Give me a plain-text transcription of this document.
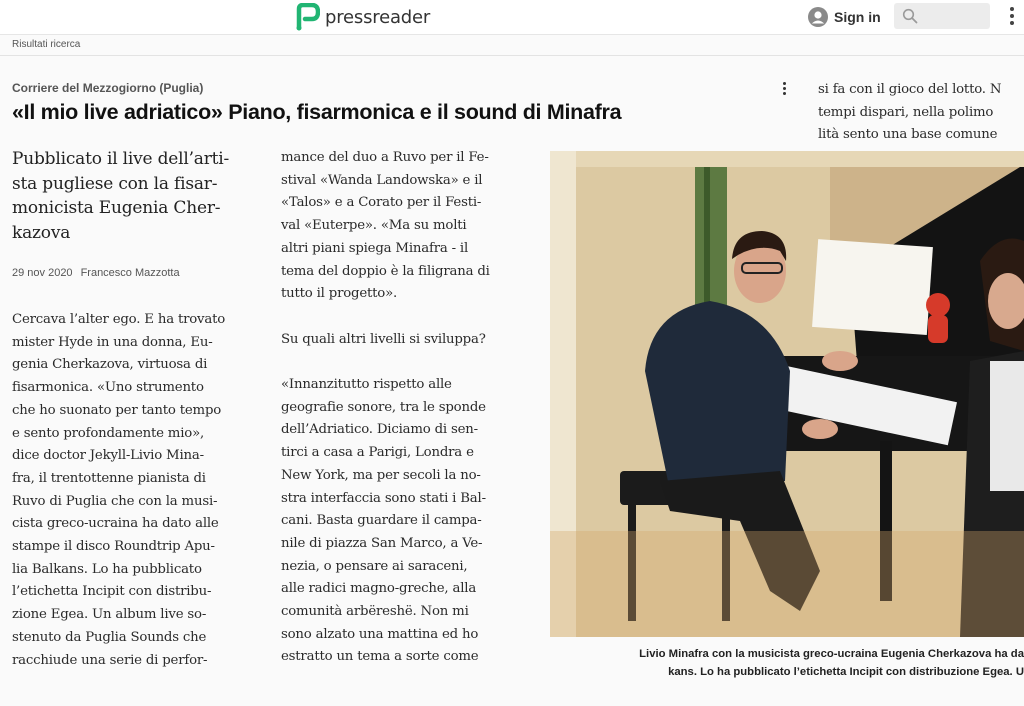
pressreader	Sign in
Risultati ricerca
Corriere del Mezzogiorno (Puglia)
«Il mio live adriatico» Piano, fisarmonica e il sound di Minafra
Pubblicato il live dell’arti-
sta pugliese con la fisar-
monicista Eugenia Cher-
kazova
29 nov 2020 Francesco Mazzotta
Cercava l’alter ego. E ha trovato
mister Hyde in una donna, Eu-
genia Cherkazova, virtuosa di
fisarmonica. «Uno strumento
che ho suonato per tanto tempo
e sento profondamente mio»,
dice doctor Jekyll-Livio Mina-
fra, il trentottenne pianista di
Ruvo di Puglia che con la musi-
cista greco-ucraina ha dato alle
stampe il disco Roundtrip Apu-
lia Balkans. Lo ha pubblicato
l’etichetta Incipit con distribu-
zione Egea. Un album live so-
stenuto da Puglia Sounds che
racchiude una serie di perfor-
mance del duo a Ruvo per il Fe-
stival «Wanda Landowska» e il
«Talos» e a Corato per il Festi-
val «Euterpe». «Ma su molti
altri piani spiega Minafra - il
tema del doppio è la filigrana di
tutto il progetto».
Su quali altri livelli si sviluppa?
«Innanzitutto rispetto alle
geografie sonore, tra le sponde
dell’Adriatico. Diciamo di sen-
tirci a casa a Parigi, Londra e
New York, ma per secoli la no-
stra interfaccia sono stati i Bal-
cani. Basta guardare il campa-
nile di piazza San Marco, a Ve-
nezia, o pensare ai saraceni,
alle radici magno-greche, alla
comunità arbëreshë. Non mi
sono alzato una mattina ed ho
estratto un tema a sorte come
si fa con il gioco del lotto. N
tempi dispari, nella polimo
lità sento una base comune
Livio Minafra con la musicista greco-ucraina Eugenia Cherkazova ha da
kans. Lo ha pubblicato l’etichetta Incipit con distribuzione Egea. U
